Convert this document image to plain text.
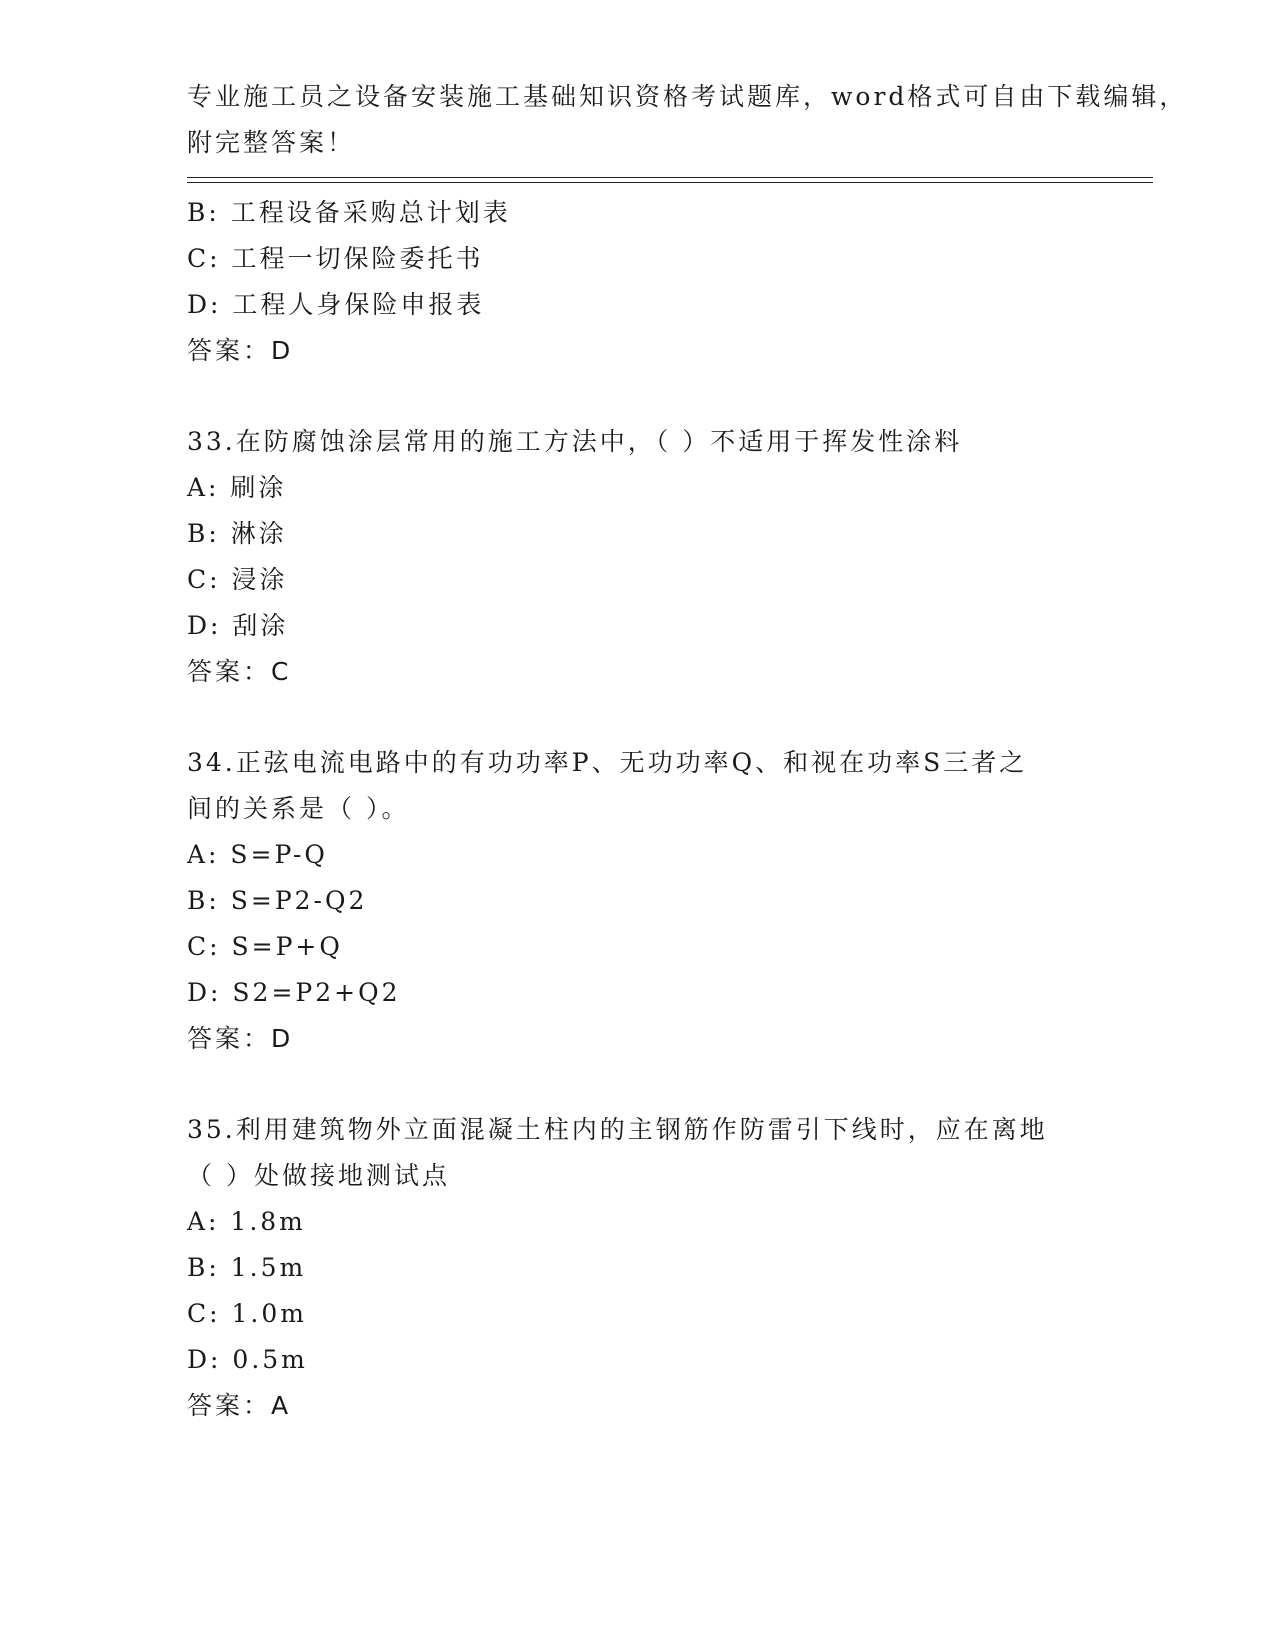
专业施工员之设备安装施工基础知识资格考试题库，word格式可自由下载编辑，
附完整答案！
B: 工程设备采购总计划表
C: 工程一切保险委托书
D: 工程人身保险申报表
答案：D
33.在防腐蚀涂层常用的施工方法中，（ ）不适用于挥发性涂料
A: 刷涂
B: 淋涂
C: 浸涂
D: 刮涂
答案：C
34.正弦电流电路中的有功功率P、无功功率Q、和视在功率S三者之
间的关系是（ ）。
A: S=P-Q
B: S=P2-Q2
C: S=P+Q
D: S2=P2+Q2
答案：D
35.利用建筑物外立面混凝土柱内的主钢筋作防雷引下线时，应在离地
（ ）处做接地测试点
A: 1.8m
B: 1.5m
C: 1.0m
D: 0.5m
答案：A
